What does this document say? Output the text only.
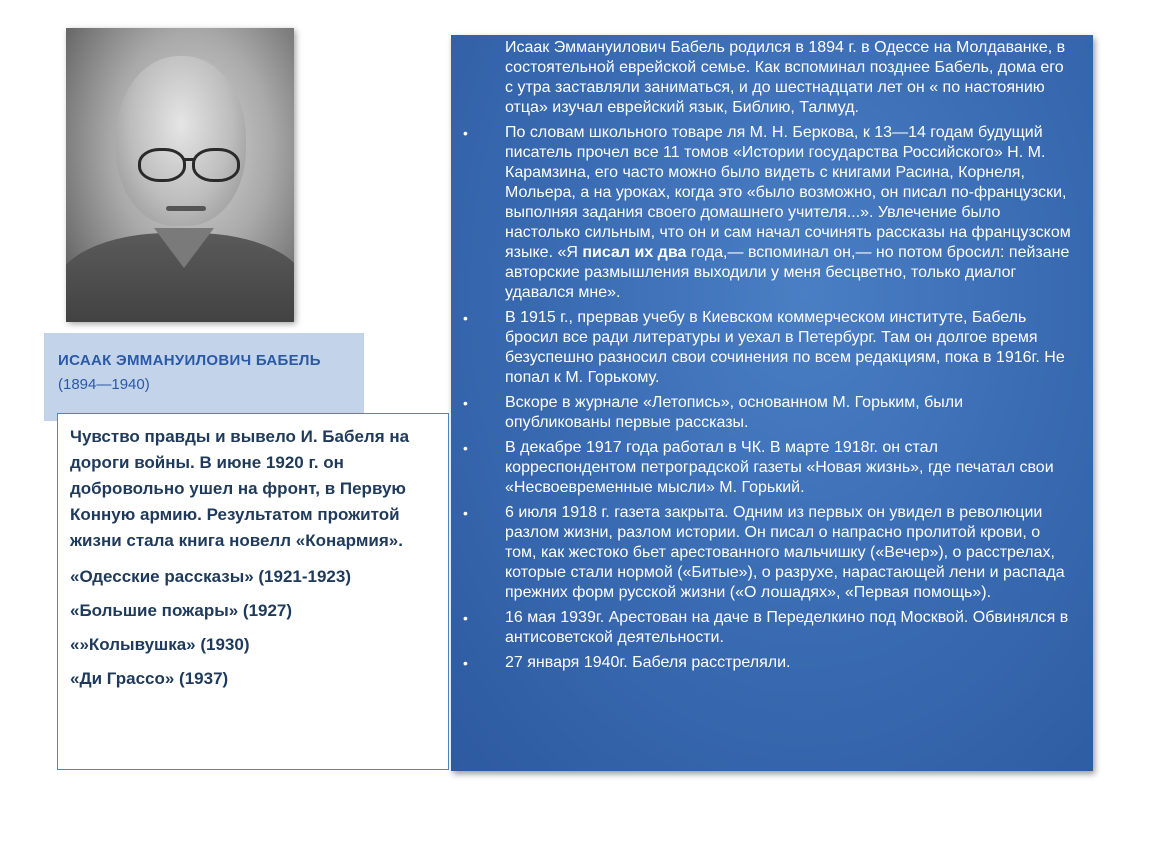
ИСААК ЭММАНУИЛОВИЧ БАБЕЛЬ
(1894—1940)

Чувство правды и вывело И. Бабеля на дороги войны. В июне 1920 г. он добровольно ушел на фронт, в Первую Конную армию. Результатом прожитой жизни стала книга новелл «Конармия».

«Одесские рассказы» (1921-1923)

«Большие пожары» (1927)

«»Колывушка» (1930)

«Ди Грассо» (1937)

Исаак Эммануилович Бабель родился в 1894 г. в Одессе на Молдаванке, в состоятельной еврейской семье. Как вспоминал позднее Бабель, дома его с утра заставляли заниматься, и до шестнадцати лет он « по настоянию отца» изучал еврейский язык, Библию, Талмуд.
• По словам школьного товаре ля М. Н. Беркова, к 13—14 годам будущий писатель прочел все 11 томов «Истории государства Российского» Н. М. Карамзина, его часто можно было видеть с книгами Расина, Корнеля, Мольера, а на уроках, когда это «было возможно, он писал по-французски, выполняя задания своего домашнего учителя...». Увлечение было настолько сильным, что он и сам начал сочинять рассказы на французском языке. «Я писал их два года,— вспоминал он,— но потом бросил: пейзане авторские размышления выходили у меня бесцветно, только диалог удавался мне».
• В 1915 г., прервав учебу в Киевском коммерческом институте, Бабель бросил все ради литературы и уехал в Петербург. Там он долгое время безуспешно разносил свои сочинения по всем редакциям, пока в 1916г. Не попал к М. Горькому.
• Вскоре в журнале «Летопись», основанном М. Горьким, были опубликованы первые рассказы.
• В декабре 1917 года работал в ЧК. В марте 1918г. он стал корреспондентом петроградской газеты «Новая жизнь», где печатал свои «Несвоевременные мысли» М. Горький.
• 6 июля 1918 г. газета закрыта. Одним из первых он увидел в революции разлом жизни, разлом истории. Он писал о напрасно пролитой крови, о том, как жестоко бьет арестованного мальчишку («Вечер»), о расстрелах, которые стали нормой («Битые»), о разрухе, нарастающей лени и распада прежних форм русской жизни («О лошадях», «Первая помощь»).
• 16 мая 1939г. Арестован на даче в Переделкино под Москвой. Обвинялся в антисоветской деятельности.
• 27 января 1940г. Бабеля расстреляли.
